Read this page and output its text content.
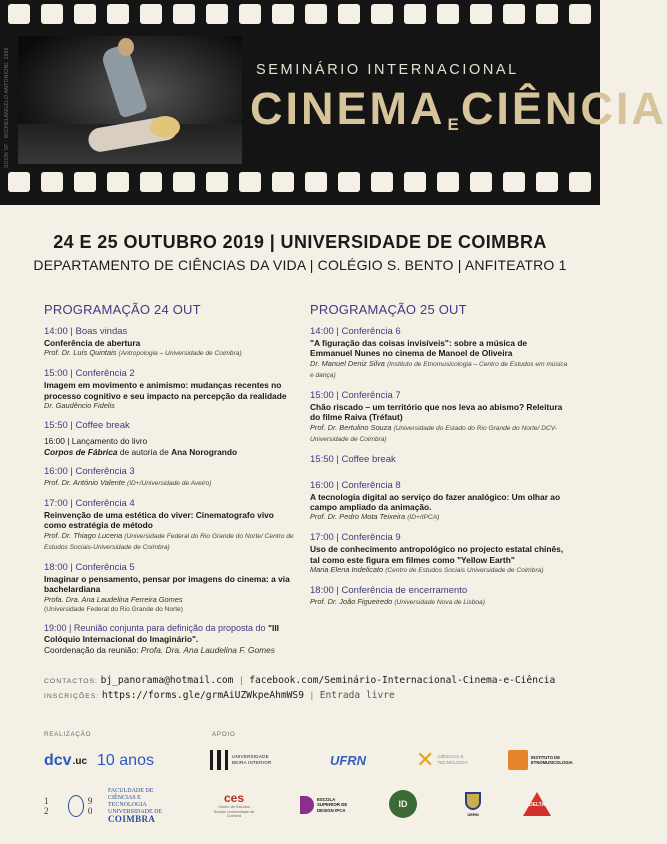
SOON SF · MICHELANGELO ANTONIONI, 1966	SEMINÁRIO INTERNACIONAL
CINEMA ECIÊNCIA
24 E 25 OUTUBRO 2019 | UNIVERSIDADE DE COIMBRA
DEPARTAMENTO DE CIÊNCIAS DA VIDA | COLÉGIO S. BENTO | ANFITEATRO 1
PROGRAMAÇÃO 24 OUT
14:00 | Boas vindas
Conferência de abertura
Prof. Dr. Luís Quintais (Antropologia – Universidade de Coimbra)
15:00 | Conferência 2
Imagem em movimento e animismo: mudanças recentes no processo cognitivo e seu impacto na percepção da realidade
Dr. Gaudêncio Fidelis
15:50 | Coffee break
16:00 | Lançamento do livro
Corpos de Fábrica de autoria de Ana Norogrando
16:00 | Conferência 3
Prof. Dr. António Valente (ID+/Universidade de Aveiro)
17:00 | Conferência 4
Reinvenção de uma estética do viver: Cinematografo vivo como estratégia de método
Prof. Dr. Thiago Lucena (Universidade Federal do Rio Grande do Norte/ Centro de Estudos Sociais-Universidade de Coimbra)
18:00 | Conferência 5
Imaginar o pensamento, pensar por imagens do cinema: a via bachelardiana
Profa. Dra. Ana Laudelina Ferreira Gomes
(Universidade Federal do Rio Grande do Norte)
19:00 | Reunião conjunta para definição da proposta do "III Colóquio Internacional do Imaginário".
Coordenação da reunião: Profa. Dra. Ana Laudelina F. Gomes
PROGRAMAÇÃO 25 OUT
14:00 | Conferência 6
"A figuração das coisas invisíveis": sobre a música de Emmanuel Nunes no cinema de Manoel de Oliveira
Dr. Manuel Deniz Silva (Instituto de Etnomusicologia – Centro de Estudos em música e dança)
15:00 | Conferência 7
Chão riscado – um território que nos leva ao abismo? Releitura do filme Raiva (Tréfaut)
Prof. Dr. Bertulino Souza (Universidade do Estado do Rio Grande do Norte/ DCV-Universidade de Coimbra)
15:50 | Coffee break
16:00 | Conferência 8
A tecnologia digital ao serviço do fazer analógico: Um olhar ao campo ampliado da animação.
Prof. Dr. Pedro Mota Teixeira (ID+/IPCA)
17:00 | Conferência 9
Uso de conhecimento antropológico no projecto estatal chinês, tal como este figura em filmes como "Yellow Earth"
Maria Elena Indelicato (Centro de Estudos Sociais Universidade de Coimbra)
18:00 | Conferência de encerramento
Prof. Dr. João Figueiredo (Universidade Nova de Lisboa)
CONTACTOS: bj_panorama@hotmail.com | facebook.com/Seminário-Internacional-Cinema-e-Ciência
INSCRIÇÕES: https://forms.gle/grmAiUZWkpeAhmWS9 | Entrada livre
REALIZAÇÃO	APOIO
dcv .uc 10 anos
1 2
9 0
FACULDADE DE CIÊNCIAS E TECNOLOGIA
UNIVERSIDADE DE
COIMBRA
UNIVERSIDADE BEIRA INTERIOR	UFRN	✕ CIÊNCIAS & TECNOLOGIA
INSTITUTO DE ETNOMUSICOLOGIA
ces
Centro de Estudos Sociais Universidade de Coimbra
ESCOLA SUPERIOR DE DESIGN IPCA
ID
UERN
DELTA
